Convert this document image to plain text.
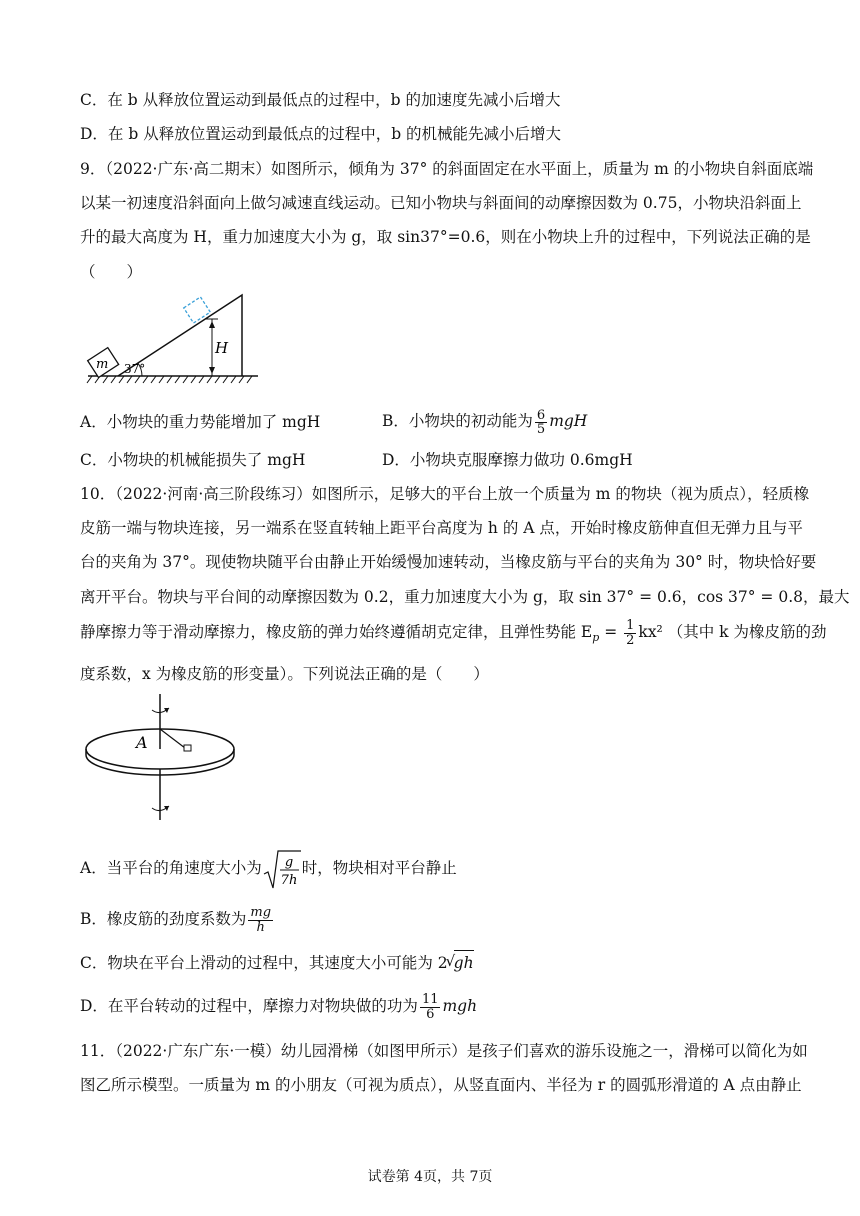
C．在 b 从释放位置运动到最低点的过程中，b 的加速度先减小后增大
D．在 b 从释放位置运动到最低点的过程中，b 的机械能先减小后增大
9．（2022·广东·高二期末）如图所示，倾角为 37° 的斜面固定在水平面上，质量为 m 的小物块自斜面底端
以某一初速度沿斜面向上做匀减速直线运动。已知小物块与斜面间的动摩擦因数为 0.75，小物块沿斜面上
升的最大高度为 H，重力加速度大小为 g，取 sin37°=0.6，则在小物块上升的过程中，下列说法正确的是
（　　）
37°
m
H
A．小物块的重力势能增加了 mgH	B．小物块的初动能为 $\frac{6}{5}$ mgH
C．小物块的机械能损失了 mgH	D．小物块克服摩擦力做功 0.6mgH
10．（2022·河南·高三阶段练习）如图所示，足够大的平台上放一个质量为 m 的物块（视为质点），轻质橡
皮筋一端与物块连接，另一端系在竖直转轴上距平台高度为 h 的 A 点，开始时橡皮筋伸直但无弹力且与平
台的夹角为 37°。现使物块随平台由静止开始缓慢加速转动，当橡皮筋与平台的夹角为 30° 时，物块恰好要
离开平台。物块与平台间的动摩擦因数为 0.2，重力加速度大小为 g，取 sin 37° = 0.6，cos 37° = 0.8，最大
静摩擦力等于滑动摩擦力，橡皮筋的弹力始终遵循胡克定律，且弹性势能 $E_p = \frac{1}{2} kx^2$ （其中 k 为橡皮筋的劲
度系数，x 为橡皮筋的形变量）。下列说法正确的是（　　）
A
A．当平台的角速度大小为 g
7h
时，物块相对平台静止
B．橡皮筋的劲度系数为 $\frac{mg}{h}$
C．物块在平台上滑动的过程中，其速度大小可能为 2
√
gh
D．在平台转动的过程中，摩擦力对物块做的功为 $\frac{11}{6}$ mgh
11．（2022·广东广东·一模）幼儿园滑梯（如图甲所示）是孩子们喜欢的游乐设施之一，滑梯可以简化为如
图乙所示模型。一质量为 m 的小朋友（可视为质点），从竖直面内、半径为 r 的圆弧形滑道的 A 点由静止
试卷第 4页，共 7页
